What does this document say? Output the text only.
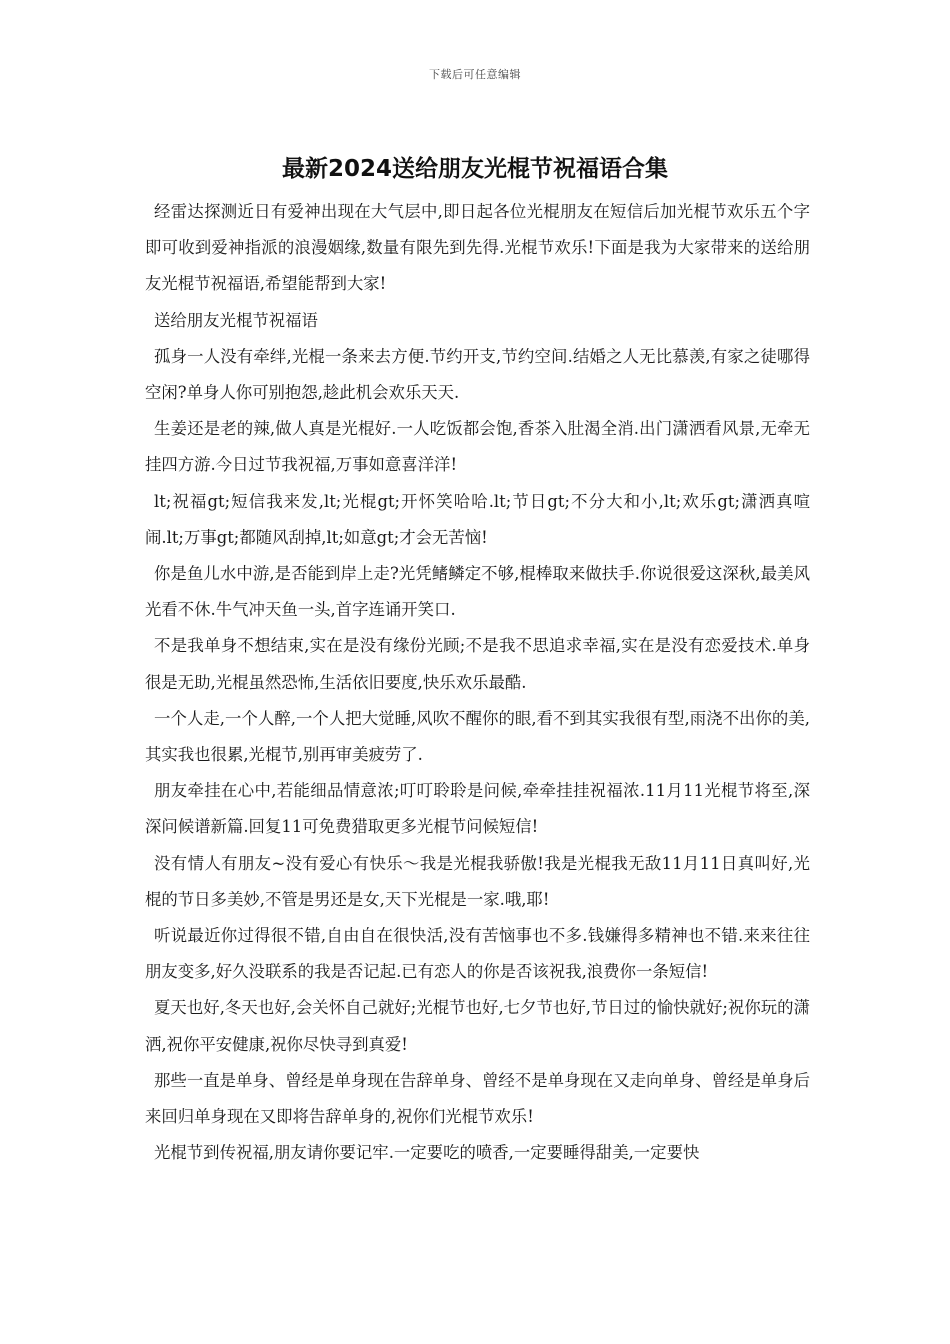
下载后可任意编辑
最新2024送给朋友光棍节祝福语合集

经雷达探测近日有爱神出现在大气层中,即日起各位光棍朋友在短信后加光棍节欢乐五个字即可收到爱神指派的浪漫姻缘,数量有限先到先得.光棍节欢乐!下面是我为大家带来的送给朋友光棍节祝福语,希望能帮到大家!

送给朋友光棍节祝福语

孤身一人没有牵绊,光棍一条来去方便.节约开支,节约空间.结婚之人无比慕羡,有家之徒哪得空闲?单身人你可别抱怨,趁此机会欢乐天天.

生姜还是老的辣,做人真是光棍好.一人吃饭都会饱,香茶入肚渴全消.出门潇洒看风景,无牵无挂四方游.今日过节我祝福,万事如意喜洋洋!

lt;祝福gt;短信我来发,lt;光棍gt;开怀笑哈哈.lt;节日gt;不分大和小,lt;欢乐gt;潇洒真喧闹.lt;万事gt;都随风刮掉,lt;如意gt;才会无苦恼!

你是鱼儿水中游,是否能到岸上走?光凭鳍鳞定不够,棍棒取来做扶手.你说很爱这深秋,最美风光看不休.牛气冲天鱼一头,首字连诵开笑口.

不是我单身不想结束,实在是没有缘份光顾;不是我不思追求幸福,实在是没有恋爱技术.单身很是无助,光棍虽然恐怖,生活依旧要度,快乐欢乐最酷.

一个人走,一个人醉,一个人把大觉睡,风吹不醒你的眼,看不到其实我很有型,雨浇不出你的美,其实我也很累,光棍节,别再审美疲劳了.

朋友牵挂在心中,若能细品情意浓;叮叮聆聆是问候,牵牵挂挂祝福浓.11月11光棍节将至,深深问候谱新篇.回复11可免费猎取更多光棍节问候短信!

没有情人有朋友~没有爱心有快乐～我是光棍我骄傲!我是光棍我无敌11月11日真叫好,光棍的节日多美妙,不管是男还是女,天下光棍是一家.哦,耶!

听说最近你过得很不错,自由自在很快活,没有苦恼事也不多.钱嫌得多精神也不错.来来往往朋友变多,好久没联系的我是否记起.已有恋人的你是否该祝我,浪费你一条短信!

夏天也好,冬天也好,会关怀自己就好;光棍节也好,七夕节也好,节日过的愉快就好;祝你玩的潇洒,祝你平安健康,祝你尽快寻到真爱!

那些一直是单身、曾经是单身现在告辞单身、曾经不是单身现在又走向单身、曾经是单身后来回归单身现在又即将告辞单身的,祝你们光棍节欢乐!

光棍节到传祝福,朋友请你要记牢.一定要吃的喷香,一定要睡得甜美,一定要快
